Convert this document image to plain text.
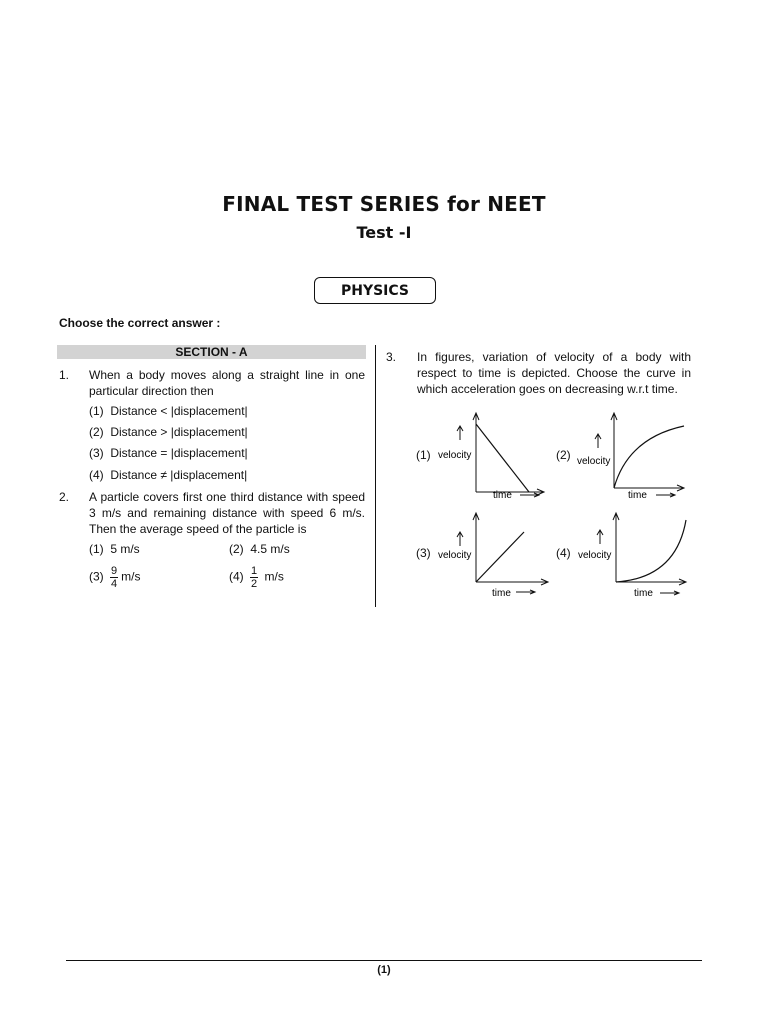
FINAL TEST SERIES for NEET
Test -I
PHYSICS
Choose the correct answer :
SECTION - A
1. When a body moves along a straight line in one particular direction then
(1) Distance < |displacement|
(2) Distance > |displacement|
(3) Distance = |displacement|
(4) Distance ≠ |displacement|
2. A particle covers first one third distance with speed 3 m/s and remaining distance with speed 6 m/s. Then the average speed of the particle is
(1) 5 m/s	(2) 4.5 m/s
$(3) \frac{9}{4} m/s$	$(4) \frac{1}{2} m/s$
3. In figures, variation of velocity of a body with respect to time is depicted. Choose the curve in which acceleration goes on decreasing w.r.t time.
(1) velocity
time
(2) velocity
time
(3) velocity
time
(4) velocity
time
(1)
